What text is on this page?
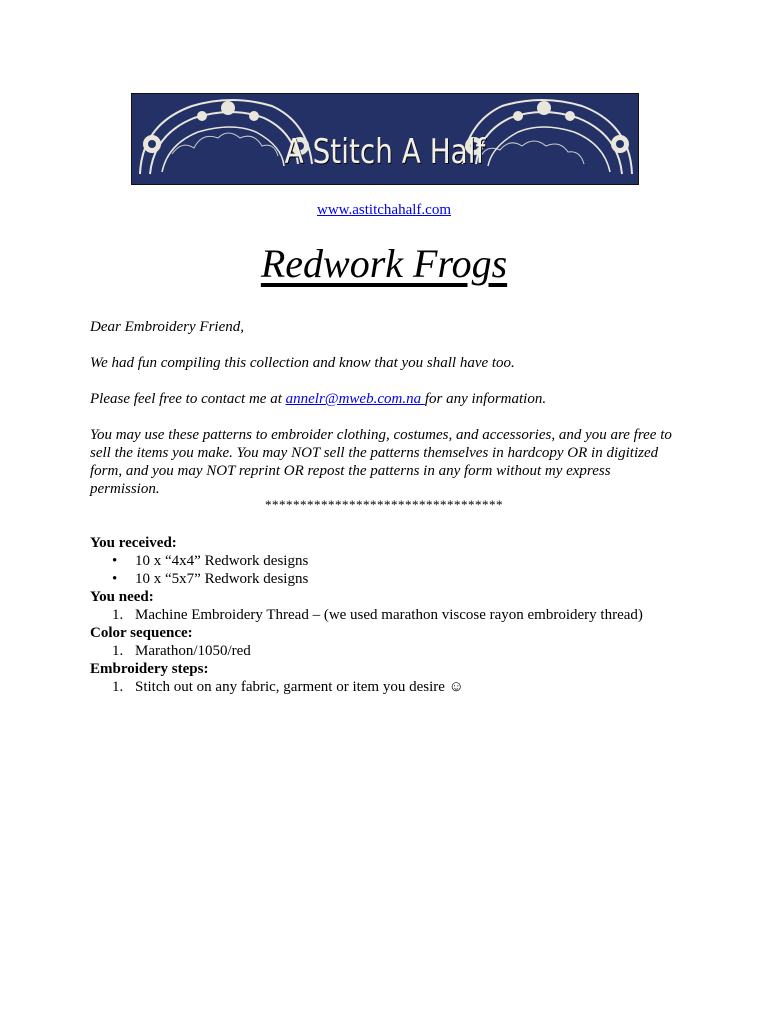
A Stitch A Half
www.astitchahalf.com
Redwork Frogs
Dear Embroidery Friend,
We had fun compiling this collection and know that you shall have too.
Please feel free to contact me at annelr@mweb.com.na for any information.
You may use these patterns to embroider clothing, costumes, and accessories, and you are free to
sell the items you make. You may NOT sell the patterns themselves in hardcopy OR in digitized
form, and you may NOT reprint OR repost the patterns in any form without my express
permission.
**********************************
You received:
• 10 x “4x4” Redwork designs
• 10 x “5x7” Redwork designs
You need:
1. Machine Embroidery Thread – (we used marathon viscose rayon embroidery thread)
Color sequence:
1. Marathon/1050/red
Embroidery steps:
1. Stitch out on any fabric, garment or item you desire ☺
